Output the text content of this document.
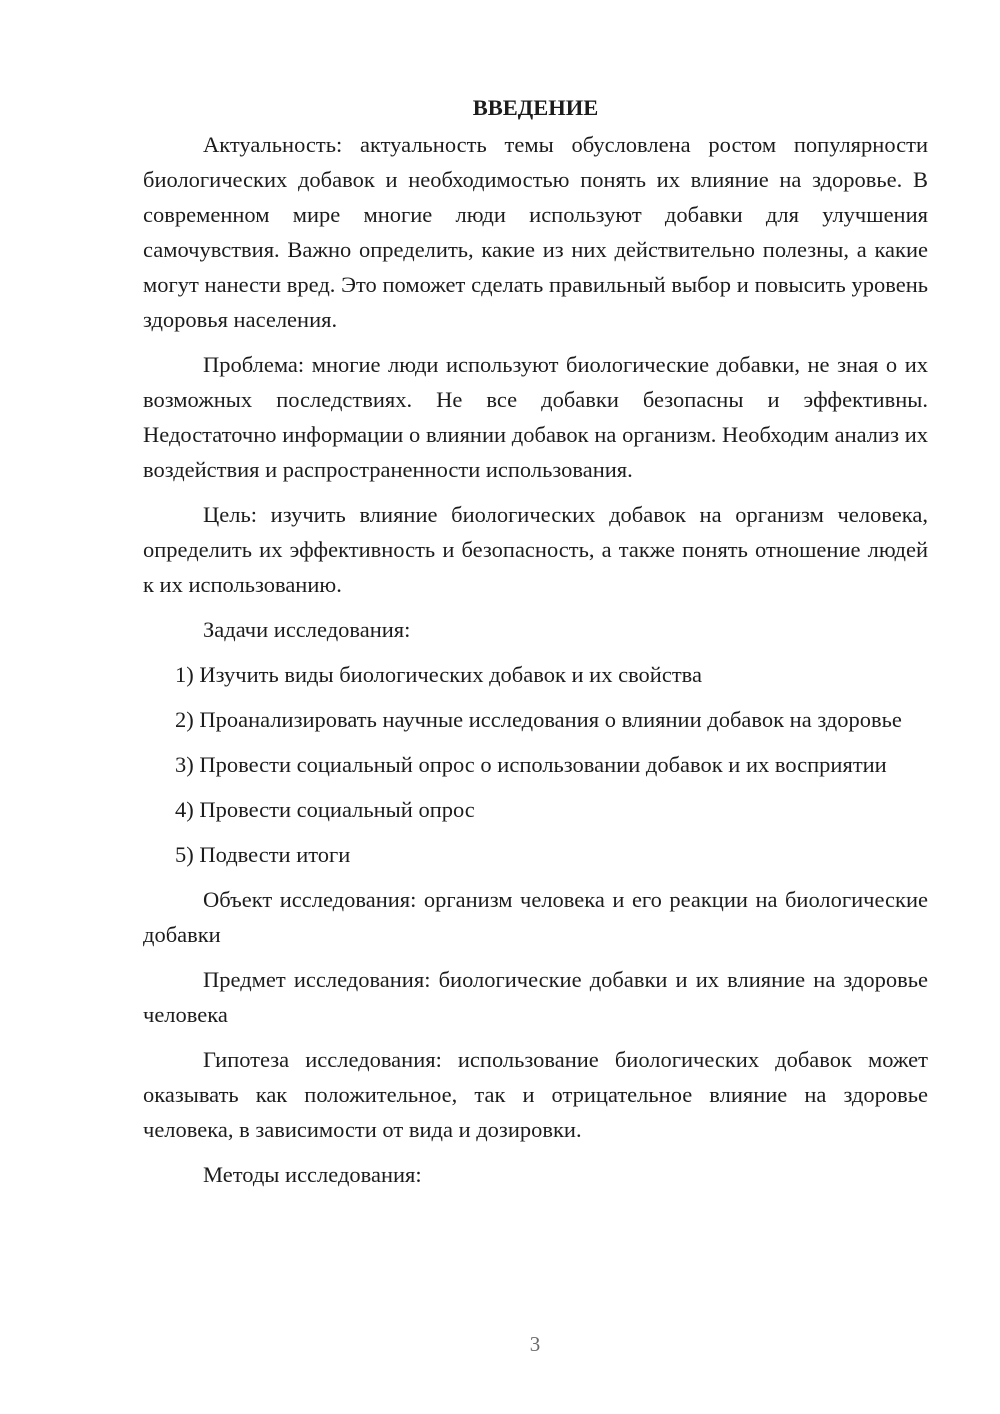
ВВЕДЕНИЕ

Актуальность: актуальность темы обусловлена ростом популярности биологических добавок и необходимостью понять их влияние на здоровье. В современном мире многие люди используют добавки для улучшения самочувствия. Важно определить, какие из них действительно полезны, а какие могут нанести вред. Это поможет сделать правильный выбор и повысить уровень здоровья населения.

Проблема: многие люди используют биологические добавки, не зная о их возможных последствиях. Не все добавки безопасны и эффективны. Недостаточно информации о влиянии добавок на организм. Необходим анализ их воздействия и распространенности использования.

Цель: изучить влияние биологических добавок на организм человека, определить их эффективность и безопасность, а также понять отношение людей к их использованию.

Задачи исследования:

1) Изучить виды биологических добавок и их свойства

2) Проанализировать научные исследования о влиянии добавок на здоровье

3) Провести социальный опрос о использовании добавок и их восприятии

4) Провести социальный опрос

5) Подвести итоги

Объект исследования: организм человека и его реакции на биологические добавки

Предмет исследования: биологические добавки и их влияние на здоровье человека

Гипотеза исследования: использование биологических добавок может оказывать как положительное, так и отрицательное влияние на здоровье человека, в зависимости от вида и дозировки.

Методы исследования:

3
